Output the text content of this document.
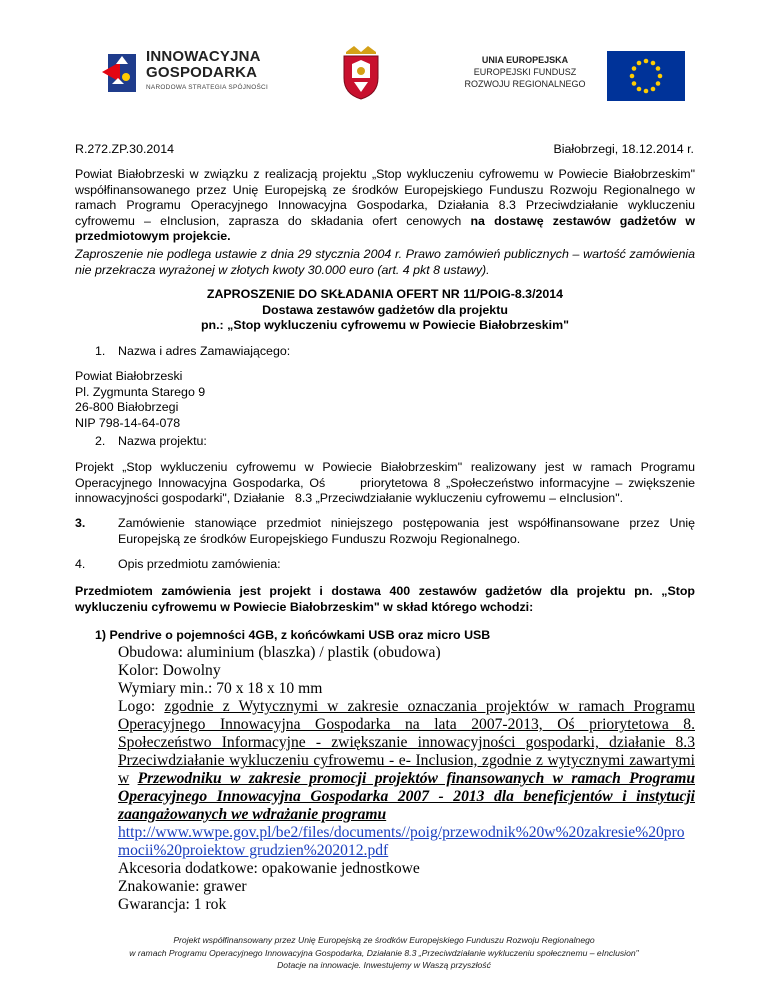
INNOWACYJNA
GOSPODARKA
NARODOWA STRATEGIA SPÓJNOŚCI
UNIA EUROPEJSKA
EUROPEJSKI FUNDUSZ
ROZWOJU REGIONALNEGO
R.272.ZP.30.2014	Białobrzegi, 18.12.2014 r.
Powiat Białobrzeski w związku z realizacją projektu „Stop wykluczeniu cyfrowemu w Powiecie Białobrzeskim" współfinansowanego przez Unię Europejską ze środków Europejskiego Funduszu Rozwoju Regionalnego w ramach Programu Operacyjnego Innowacyjna Gospodarka, Działania 8.3 Przeciwdziałanie wykluczeniu cyfrowemu – eInclusion, zaprasza do składania ofert cenowych na dostawę zestawów gadżetów w przedmiotowym projekcie.
Zaproszenie nie podlega ustawie z dnia 29 stycznia 2004 r. Prawo zamówień publicznych – wartość zamówienia nie przekracza wyrażonej w złotych kwoty 30.000 euro (art. 4 pkt 8 ustawy).
ZAPROSZENIE DO SKŁADANIA OFERT NR 11/POIG-8.3/2014
Dostawa zestawów gadżetów dla projektu
pn.: „Stop wykluczeniu cyfrowemu w Powiecie Białobrzeskim"
1. Nazwa i adres Zamawiającego:
Powiat Białobrzeski
Pl. Zygmunta Starego 9
26-800 Białobrzegi
NIP 798-14-64-078
2. Nazwa projektu:
Projekt „Stop wykluczeniu cyfrowemu w Powiecie Białobrzeskim" realizowany jest w ramach Programu Operacyjnego Innowacyjna Gospodarka, Oś      priorytetowa 8 „Społeczeństwo informacyjne – zwiększenie innowacyjności gospodarki", Działanie   8.3 „Przeciwdziałanie wykluczeniu cyfrowemu – eInclusion".
3.	Zamówienie stanowiące przedmiot niniejszego postępowania jest współfinansowane przez Unię Europejską ze środków Europejskiego Funduszu Rozwoju Regionalnego.
4.	Opis przedmiotu zamówienia:
Przedmiotem zamówienia jest projekt i dostawa 400 zestawów gadżetów dla projektu pn. „Stop wykluczeniu cyfrowemu w Powiecie Białobrzeskim" w skład którego wchodzi:
1) Pendrive o pojemności 4GB, z końcówkami USB oraz micro USB
Obudowa: aluminium (blaszka) / plastik (obudowa)
Kolor: Dowolny
Wymiary min.: 70 x 18 x 10 mm
Logo: zgodnie z Wytycznymi w zakresie oznaczania projektów w ramach Programu Operacyjnego Innowacyjna Gospodarka na lata 2007-2013, Oś priorytetowa 8. Społeczeństwo Informacyjne - zwiększanie innowacyjności gospodarki, działanie 8.3 Przeciwdziałanie wykluczeniu cyfrowemu - e- Inclusion, zgodnie z wytycznymi zawartymi w Przewodniku w zakresie promocji projektów finansowanych w ramach Programu Operacyjnego Innowacyjna Gospodarka 2007 - 2013 dla beneficjentów i instytucji zaangażowanych we wdrażanie programu
http://www.wwpe.gov.pl/be2/files/documents//poig/przewodnik%20w%20zakresie%20pro
mocii%20proiektow grudzien%202012.pdf
Akcesoria dodatkowe: opakowanie jednostkowe
Znakowanie: grawer
Gwarancja: 1 rok
Projekt współfinansowany przez Unię Europejską ze środków Europejskiego Funduszu Rozwoju Regionalnego
w ramach Programu Operacyjnego Innowacyjna Gospodarka, Działanie 8.3 „Przeciwdziałanie wykluczeniu społecznemu – eInclusion"
Dotacje na innowacje. Inwestujemy w Waszą przyszłość
